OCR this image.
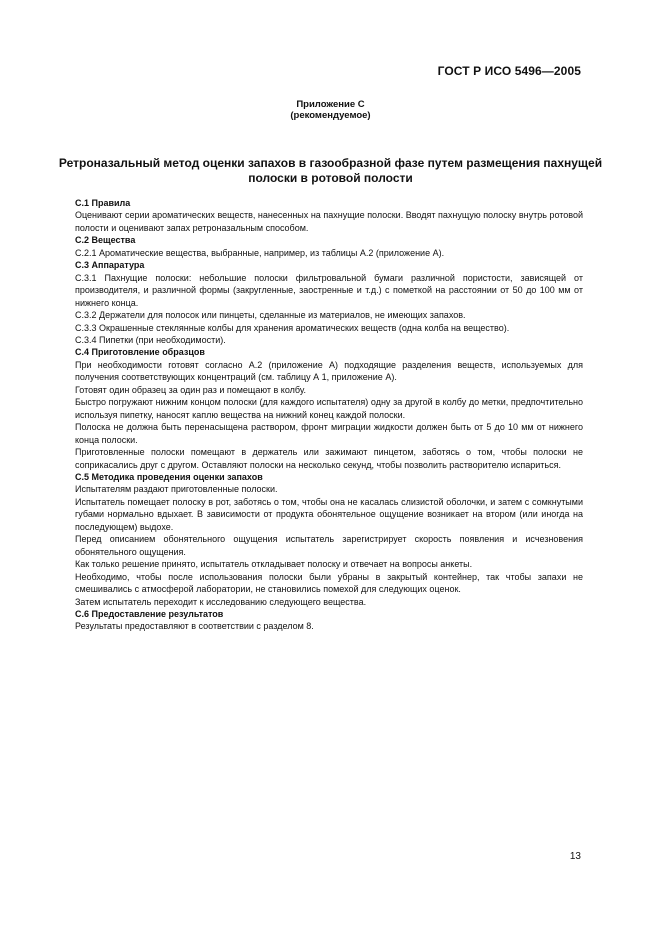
ГОСТ Р ИСО 5496—2005
Приложение С
(рекомендуемое)
Ретроназальный метод оценки запахов в газообразной фазе путем размещения пахнущей полоски в ротовой полости

С.1 Правила

Оценивают серии ароматических веществ, нанесенных на пахнущие полоски. Вводят пахнущую полоску внутрь ротовой полости и оценивают запах ретроназальным способом.

С.2 Вещества

С.2.1 Ароматические вещества, выбранные, например, из таблицы А.2 (приложение А).

С.3 Аппаратура

С.3.1 Пахнущие полоски: небольшие полоски фильтровальной бумаги различной пористости, зависящей от производителя, и различной формы (закругленные, заостренные и т.д.) с пометкой на расстоянии от 50 до 100 мм от нижнего конца.

С.3.2 Держатели для полосок или пинцеты, сделанные из материалов, не имеющих запахов.

С.3.3 Окрашенные стеклянные колбы для хранения ароматических веществ (одна колба на вещество).

С.3.4 Пипетки (при необходимости).

С.4 Приготовление образцов

При необходимости готовят согласно А.2 (приложение А) подходящие разделения веществ, используемых для получения соответствующих концентраций (см. таблицу А 1, приложение А).

Готовят один образец за один раз и помещают в колбу.

Быстро погружают нижним концом полоски (для каждого испытателя) одну за другой в колбу до метки, предпочтительно используя пипетку, наносят каплю вещества на нижний конец каждой полоски.

Полоска не должна быть перенасыщена раствором, фронт миграции жидкости должен быть от 5 до 10 мм от нижнего конца полоски.

Приготовленные полоски помещают в держатель или зажимают пинцетом, заботясь о том, чтобы полоски не соприкасались друг с другом. Оставляют полоски на несколько секунд, чтобы позволить растворителю испариться.

С.5 Методика проведения оценки запахов

Испытателям раздают приготовленные полоски.

Испытатель помещает полоску в рот, заботясь о том, чтобы она не касалась слизистой оболочки, и затем с сомкнутыми губами нормально вдыхает. В зависимости от продукта обонятельное ощущение возникает на втором (или иногда на последующем) выдохе.

Перед описанием обонятельного ощущения испытатель зарегистрирует скорость появления и исчезновения обонятельного ощущения.

Как только решение принято, испытатель откладывает полоску и отвечает на вопросы анкеты.

Необходимо, чтобы после использования полоски были убраны в закрытый контейнер, так чтобы запахи не смешивались с атмосферой лаборатории, не становились помехой для следующих оценок.

Затем испытатель переходит к исследованию следующего вещества.

С.6 Предоставление результатов

Результаты предоставляют в соответствии с разделом 8.

13
